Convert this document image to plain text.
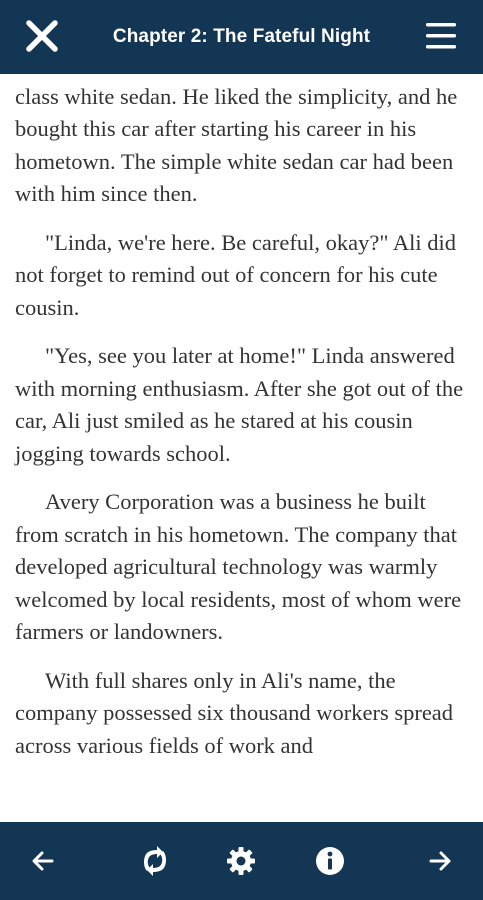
Chapter 2: The Fateful Night

class white sedan. He liked the simplicity, and he bought this car after starting his career in his hometown. The simple white sedan car had been with him since then.

"Linda, we're here. Be careful, okay?" Ali did not forget to remind out of concern for his cute cousin.

"Yes, see you later at home!" Linda answered with morning enthusiasm. After she got out of the car, Ali just smiled as he stared at his cousin jogging towards school.

Avery Corporation was a business he built from scratch in his hometown. The company that developed agricultural technology was warmly welcomed by local residents, most of whom were farmers or landowners.

With full shares only in Ali's name, the company possessed six thousand workers spread across various fields of work and
